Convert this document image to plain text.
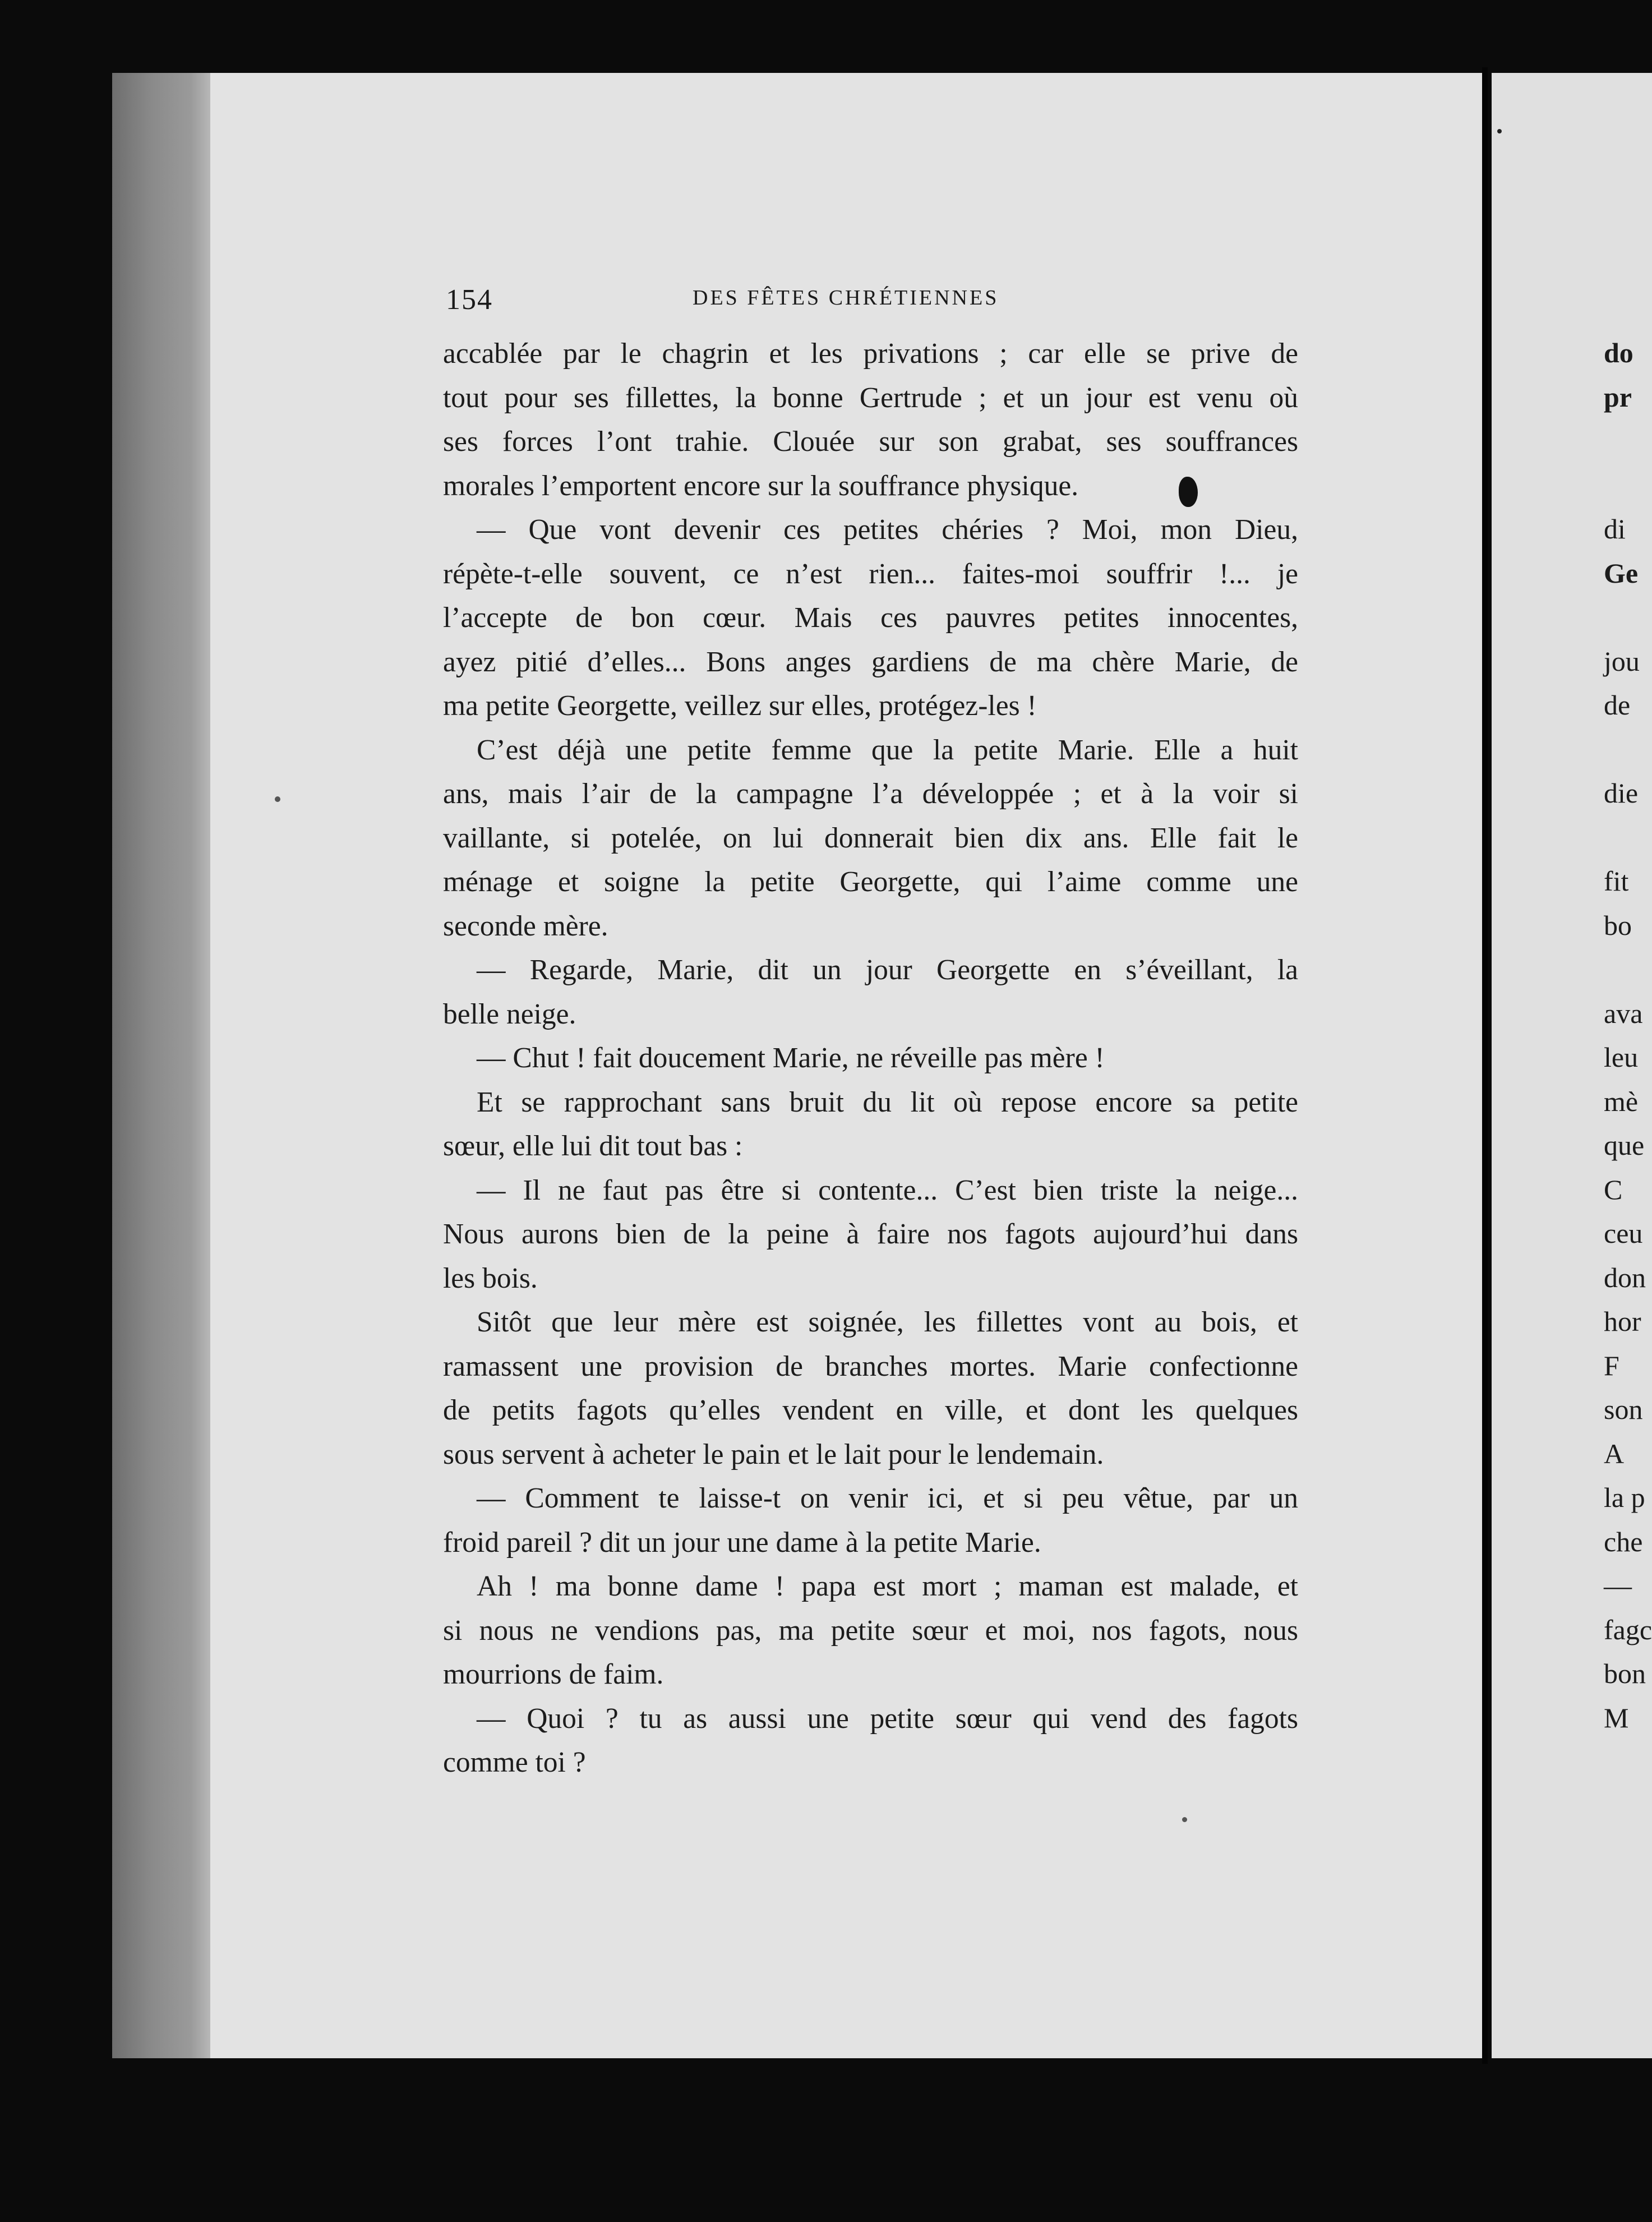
154	DES FÊTES CHRÉTIENNES
accablée par le chagrin et les privations ; car elle se prive de
tout pour ses fillettes, la bonne Gertrude ; et un jour est venu où
ses forces l’ont trahie. Clouée sur son grabat, ses souffrances
morales l’emportent encore sur la souffrance physique.
— Que vont devenir ces petites chéries ? Moi, mon Dieu,
répète-t-elle souvent, ce n’est rien... faites-moi souffrir !... je
l’accepte de bon cœur. Mais ces pauvres petites innocentes,
ayez pitié d’elles... Bons anges gardiens de ma chère Marie, de
ma petite Georgette, veillez sur elles, protégez-les !
C’est déjà une petite femme que la petite Marie. Elle a huit
ans, mais l’air de la campagne l’a développée ; et à la voir si
vaillante, si potelée, on lui donnerait bien dix ans. Elle fait le
ménage et soigne la petite Georgette, qui l’aime comme une
seconde mère.
— Regarde, Marie, dit un jour Georgette en s’éveillant, la
belle neige.
— Chut ! fait doucement Marie, ne réveille pas mère !
Et se rapprochant sans bruit du lit où repose encore sa petite
sœur, elle lui dit tout bas :
— Il ne faut pas être si contente... C’est bien triste la neige...
Nous aurons bien de la peine à faire nos fagots aujourd’hui dans
les bois.
Sitôt que leur mère est soignée, les fillettes vont au bois, et
ramassent une provision de branches mortes. Marie confectionne
de petits fagots qu’elles vendent en ville, et dont les quelques
sous servent à acheter le pain et le lait pour le lendemain.
— Comment te laisse-t on venir ici, et si peu vêtue, par un
froid pareil ? dit un jour une dame à la petite Marie.
Ah ! ma bonne dame ! papa est mort ; maman est malade, et
si nous ne vendions pas, ma petite sœur et moi, nos fagots, nous
mourrions de faim.
— Quoi ? tu as aussi une petite sœur qui vend des fagots
comme toi ?
do
pr
di
Ge
jou
de
die
fit
bo
ava
leu
mè
que
C
ceu
don
hor
F
son
A
la p
che
—
fagc
bon
M
